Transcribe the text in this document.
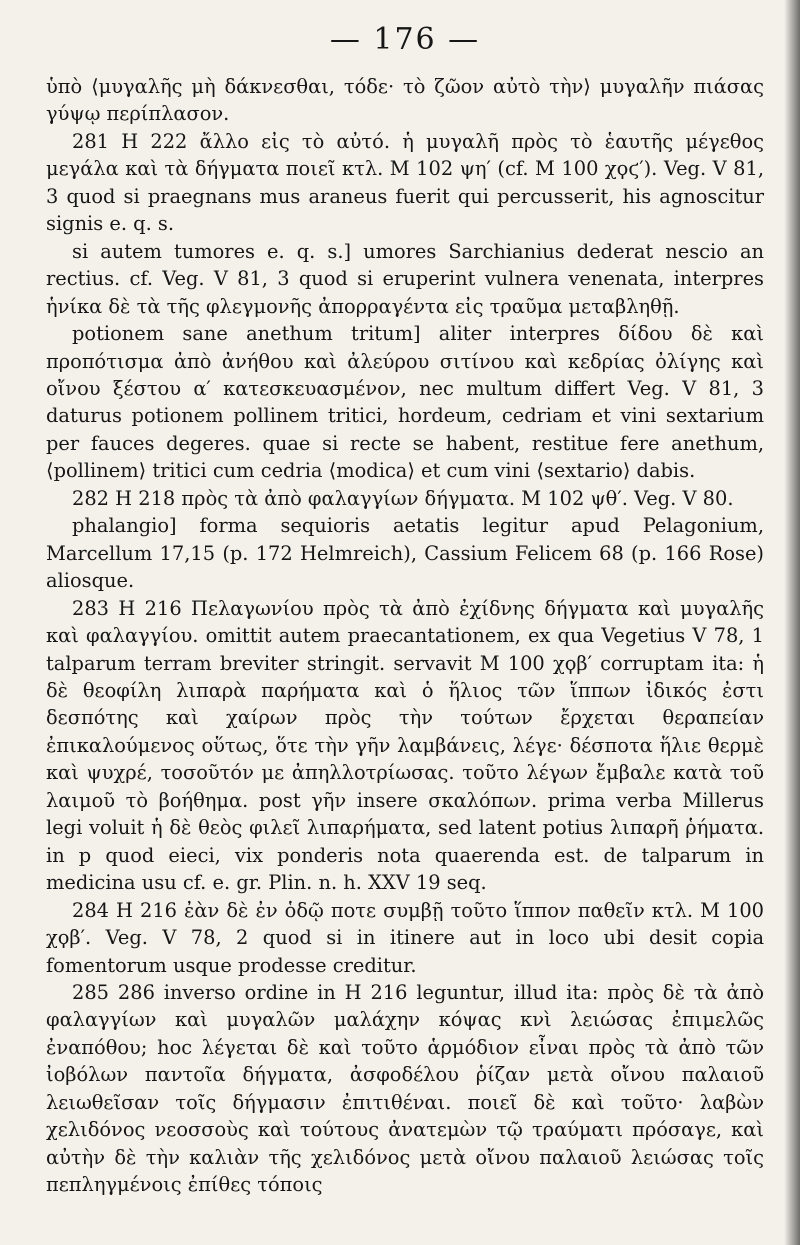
— 176 —

ὑπὸ ⟨μυγαλῆς μὴ δάκνεσθαι, τόδε· τὸ ζῶον αὐτὸ τὴν⟩ μυγαλῆν πιάσας γύψῳ περίπλασον.

281 H 222 ἄλλο εἰς τὸ αὐτό. ἡ μυγαλῆ πρὸς τὸ ἑαυτῆς μέγεθος μεγάλα καὶ τὰ δήγματα ποιεῖ κτλ. M 102 ψη′ (cf. M 100 χϙϛ′). Veg. V 81, 3 quod si praegnans mus araneus fuerit qui percusserit, his agnoscitur signis e. q. s.

si autem tumores e. q. s.] umores Sarchianius dederat nescio an rectius. cf. Veg. V 81, 3 quod si eruperint vulnera venenata, interpres ἡνίκα δὲ τὰ τῆς φλεγμονῆς ἀπορραγέντα εἰς τραῦμα μεταβληθῇ.

potionem sane anethum tritum] aliter interpres δίδου δὲ καὶ προπότισμα ἀπὸ ἀνήθου καὶ ἀλεύρου σιτίνου καὶ κεδρίας ὀλίγης καὶ οἴνου ξέστου α′ κατεσκευασμένον, nec multum differt Veg. V 81, 3 daturus potionem pollinem tritici, hordeum, cedriam et vini sextarium per fauces degeres. quae si recte se habent, restitue fere anethum, ⟨pollinem⟩ tritici cum cedria ⟨modica⟩ et cum vini ⟨sextario⟩ dabis.

282 H 218 πρὸς τὰ ἀπὸ φαλαγγίων δήγματα. M 102 ψθ′. Veg. V 80.

phalangio] forma sequioris aetatis legitur apud Pelagonium, Marcellum 17,15 (p. 172 Helmreich), Cassium Felicem 68 (p. 166 Rose) aliosque.

283 H 216 Πελαγωνίου πρὸς τὰ ἀπὸ ἐχίδνης δήγματα καὶ μυγαλῆς καὶ φαλαγγίου. omittit autem praecantationem, ex qua Vegetius V 78, 1 talparum terram breviter stringit. servavit M 100 χϙβ′ corruptam ita: ἡ δὲ θεοφίλη λιπαρὰ παρήματα καὶ ὁ ἥλιος τῶν ἵππων ἰδικός ἐστι δεσπότης καὶ χαίρων πρὸς τὴν τούτων ἔρχεται θεραπείαν ἐπικαλούμενος οὕτως, ὅτε τὴν γῆν λαμβάνεις, λέγε· δέσποτα ἥλιε θερμὲ καὶ ψυχρέ, τοσοῦτόν με ἀπηλλοτρίωσας. τοῦτο λέγων ἔμβαλε κατὰ τοῦ λαιμοῦ τὸ βοήθημα. post γῆν insere σκαλόπων. prima verba Millerus legi voluit ἡ δὲ θεὸς φιλεῖ λιπαρήματα, sed latent potius λιπαρῆ ῥήματα. in p quod eieci, vix ponderis nota quaerenda est. de talparum in medicina usu cf. e. gr. Plin. n. h. XXV 19 seq.

284 H 216 ἐὰν δὲ ἐν ὁδῷ ποτε συμβῇ τοῦτο ἵππον παθεῖν κτλ. M 100 χϙβ′. Veg. V 78, 2 quod si in itinere aut in loco ubi desit copia fomentorum usque prodesse creditur.

285 286 inverso ordine in H 216 leguntur, illud ita: πρὸς δὲ τὰ ἀπὸ φαλαγγίων καὶ μυγαλῶν μαλάχην κόψας κνὶ λειώσας ἐπιμελῶς ἐναπόθου; hoc λέγεται δὲ καὶ τοῦτο ἁρμόδιον εἶναι πρὸς τὰ ἀπὸ τῶν ἰοβόλων παντοῖα δήγματα, ἀσφοδέλου ῥίζαν μετὰ οἴνου παλαιοῦ λειωθεῖσαν τοῖς δήγμασιν ἐπιτιθέναι. ποιεῖ δὲ καὶ τοῦτο· λαβὼν χελιδόνος νεοσσοὺς καὶ τούτους ἀνατεμὼν τῷ τραύματι πρόσαγε, καὶ αὐτὴν δὲ τὴν καλιὰν τῆς χελιδόνος μετὰ οἴνου παλαιοῦ λειώσας τοῖς πεπληγμένοις ἐπίθες τόποις
